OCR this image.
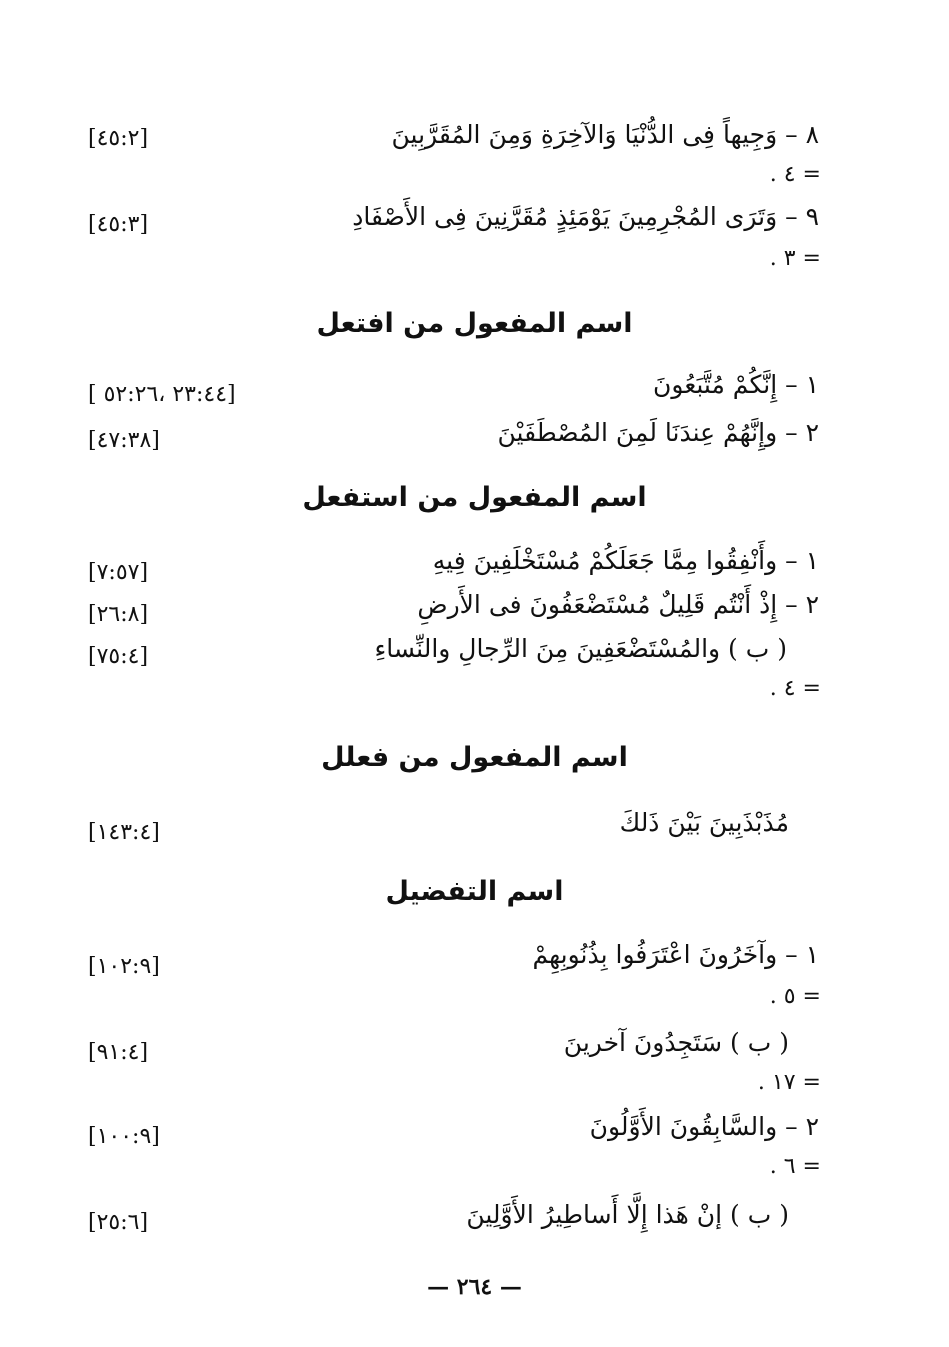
٨ – وَجِيهاً فِى الدُّنْيَا وَالآخِرَةِ وَمِنَ المُقَرَّبِينَ
[٤٥:٢]
= ٤ .
٩ – وَتَرَى المُجْرِمِينَ يَوْمَئِذٍ مُقَرَّنِينَ فِى الأَصْفَادِ
[٤٥:٣]
= ٣ .
اسم المفعول من افتعل
١ – إِنَّكُمْ مُتَّبَعُونَ
[ ٢٣:٤٤ ،٥٢:٢٦]
٢ – وإِنَّهُمْ عِندَنَا لَمِنَ المُصْطَفَيْنَ
[٤٧:٣٨]
اسم المفعول من استفعل
١ – وأَنْفِقُوا مِمَّا جَعَلَكُمْ مُسْتَخْلَفِينَ فِيهِ
[٧:٥٧]
٢ – إِذْ أَنْتُم قَلِيلٌ مُسْتَضْعَفُونَ فى الأَرضِ
[٢٦:٨]
( ب ) والمُسْتَضْعَفِينَ مِنَ الرِّجالِ والنِّساءِ
[٧٥:٤]
= ٤ .
اسم المفعول من فعلل
مُذَبْذَبِينَ بَيْنَ ذَلكَ
[١٤٣:٤]
اسم التفضيل
١ – وآخَرُونَ اعْتَرَفُوا بِذُنُوبِهِمْ
[١٠٢:٩]
= ٥ .
( ب ) سَتَجِدُونَ آخرينَ
[٩١:٤]
= ١٧ .
٢ – والسَّابِقُونَ الأَوَّلُونَ
[١٠٠:٩]
= ٦ .
( ب ) إنْ هَذا إِلَّا أَساطِيرُ الأَوَّلِينَ
[٢٥:٦]
— ٢٦٤ —
